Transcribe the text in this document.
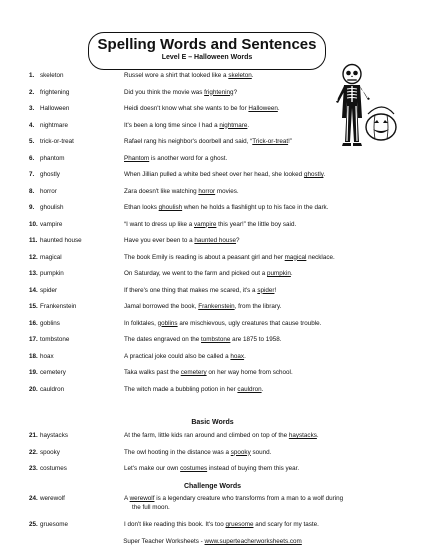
Spelling Words and Sentences
Level E – Halloween Words
1. skeleton	Russel wore a shirt that looked like a skeleton.
2. frightening	Did you think the movie was frightening?
3. Halloween	Heidi doesn't know what she wants to be for Halloween.
4. nightmare	It's been a long time since I had a nightmare.
5. trick-or-treat	Rafael rang his neighbor's doorbell and said, “Trick-or-treat!”
6. phantom	Phantom is another word for a ghost.
7. ghostly	When Jillian pulled a white bed sheet over her head, she looked ghostly.
8. horror	Zara doesn't like watching horror movies.
9. ghoulish	Ethan looks ghoulish when he holds a flashlight up to his face in the dark.
10. vampire	“I want to dress up like a vampire this year!” the little boy said.
11. haunted house	Have you ever been to a haunted house?
12. magical	The book Emily is reading is about a peasant girl and her magical necklace.
13. pumpkin	On Saturday, we went to the farm and picked out a pumpkin.
14. spider	If there's one thing that makes me scared, it's a spider!
15. Frankenstein	Jamal borrowed the book, Frankenstein, from the library.
16. goblins	In folktales, goblins are mischievous, ugly creatures that cause trouble.
17. tombstone	The dates engraved on the tombstone are 1875 to 1958.
18. hoax	A practical joke could also be called a hoax.
19. cemetery	Taka walks past the cemetery on her way home from school.
20. cauldron	The witch made a bubbling potion in her cauldron.
21. haystacks	At the farm, little kids ran around and climbed on top of the haystacks.
22. spooky	The owl hooting in the distance was a spooky sound.
23. costumes	Let's make our own costumes instead of buying them this year.
24. werewolf	A werewolf is a legendary creature who transforms from a man to a wolf during
the full moon.
25. gruesome	I don't like reading this book. It's too gruesome and scary for my taste.
Basic Words
Challenge Words
Super Teacher Worksheets - www.superteacherworksheets.com
